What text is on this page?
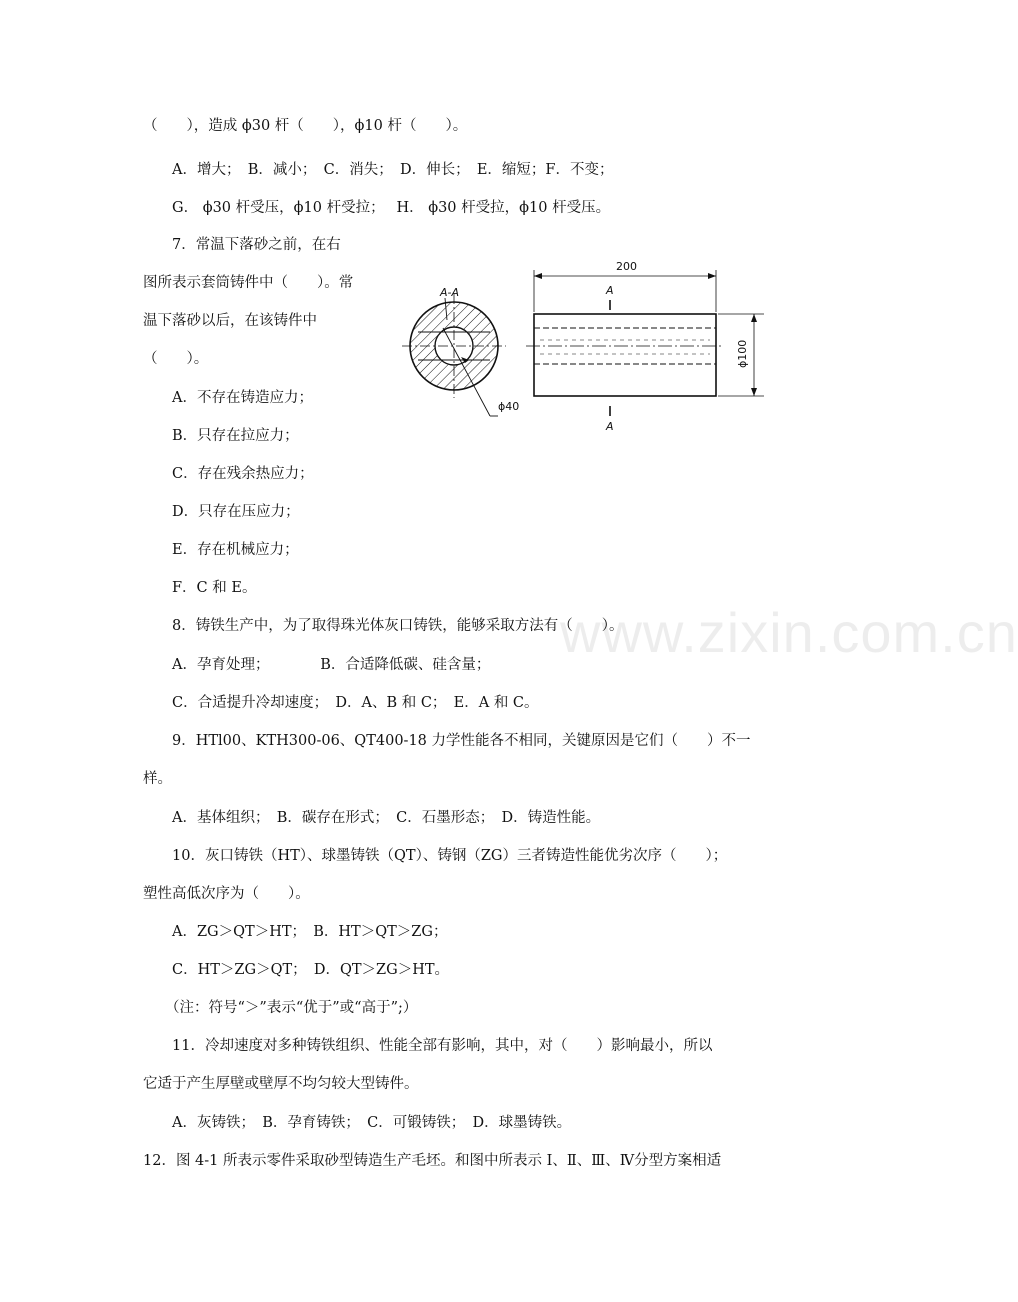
（　　），造成 ϕ30 杆（　　），ϕ10 杆（　　）。
A．增大；　B．减小；　C．消失；　D．伸长；　E．缩短；F．不变；
G． ϕ30 杆受压，ϕ10 杆受拉；　 H． ϕ30 杆受拉，ϕ10 杆受压。
7．常温下落砂之前，在右
图所表示套筒铸件中（　　）。常
温下落砂以后，在该铸件中
（　　）。
A．不存在铸造应力；
B．只存在拉应力；
C．存在残余热应力；
D．只存在压应力；
E．存在机械应力；
F．C 和 E。
8．铸铁生产中，为了取得珠光体灰口铸铁，能够采取方法有（　　）。
A．孕育处理；　　　　B．合适降低碳、硅含量；
C．合适提升冷却速度；　D．A、B 和 C；　E．A 和 C。
9．HTl00、KTH300-06、QT400-18 力学性能各不相同，关键原因是它们（　　）不一
样。
A．基体组织；　B．碳存在形式；　C．石墨形态；　D．铸造性能。
10．灰口铸铁（HT）、球墨铸铁（QT）、铸钢（ZG）三者铸造性能优劣次序（　　）；
塑性高低次序为（　　）。
A．ZG＞QT＞HT；　B．HT＞QT＞ZG；
C．HT＞ZG＞QT；　D．QT＞ZG＞HT。
（注：符号“＞”表示“优于”或“高于”;）
11．冷却速度对多种铸铁组织、性能全部有影响，其中，对（　　）影响最小，所以
它适于产生厚壁或壁厚不均匀较大型铸件。
A．灰铸铁；　B．孕育铸铁；　C．可锻铸铁；　D．球墨铸铁。
12．图 4-1 所表示零件采取砂型铸造生产毛坯。和图中所表示 Ⅰ、Ⅱ、Ⅲ、Ⅳ分型方案相适
A-A
ϕ40
200
ϕ100
A
A
www.zixin.com.cn
